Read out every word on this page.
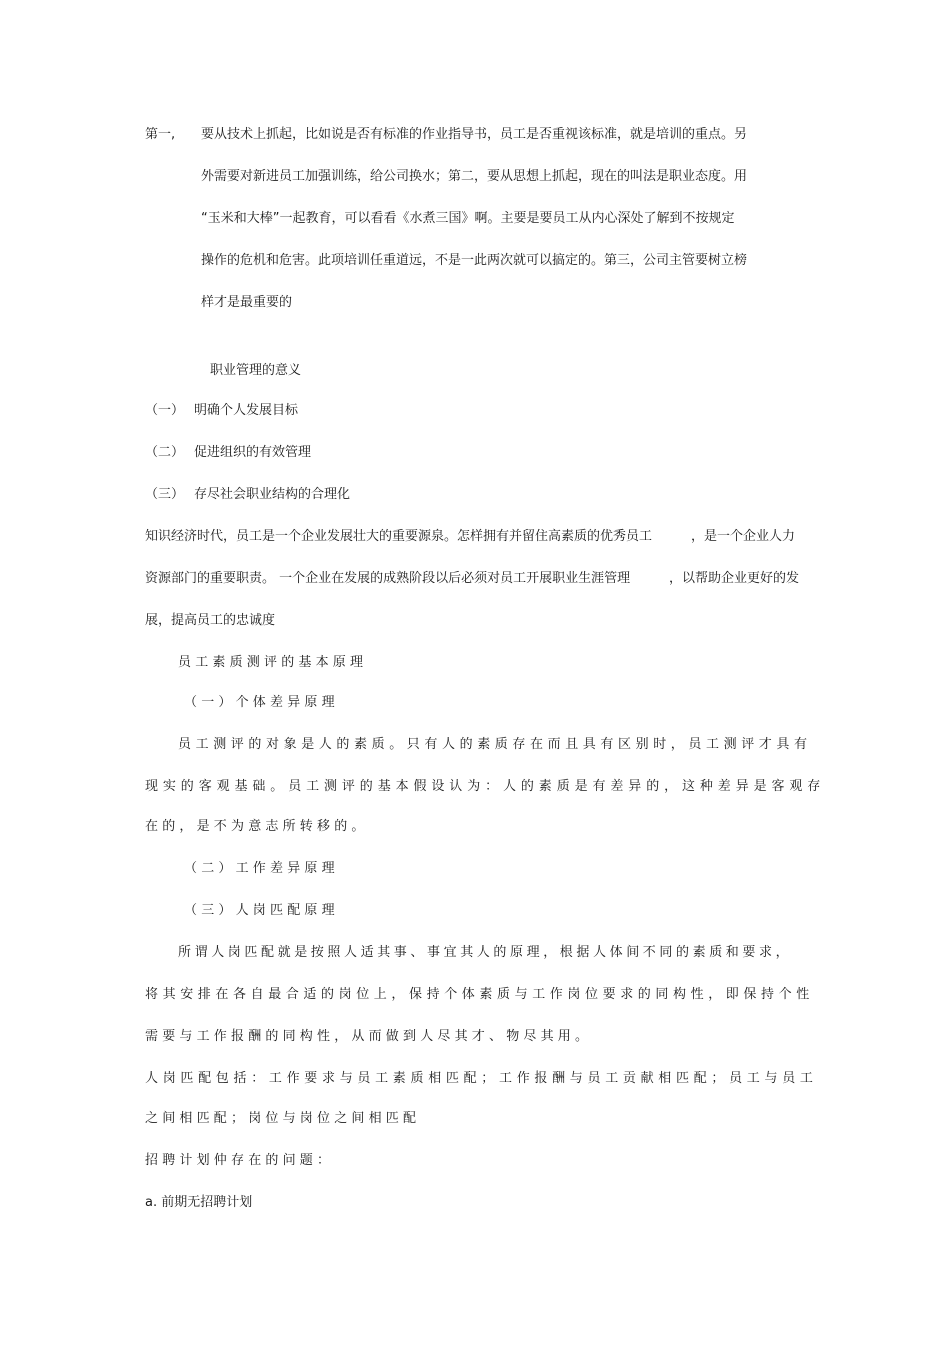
第一, 要从技术上抓起，比如说是否有标准的作业指导书，员工是否重视该标准，就是培训的重点。另
外需要对新进员工加强训练，给公司换水；第二，要从思想上抓起，现在的叫法是职业态度。用
“玉米和大棒”一起教育，可以看看《水煮三国》啊。主要是要员工从内心深处了解到不按规定
操作的危机和危害。此项培训任重道远，不是一此两次就可以搞定的。第三，公司主管要树立榜
样才是最重要的
职业管理的意义
（一） 明确个人发展目标
（二） 促进组织的有效管理
（三） 存尽社会职业结构的合理化
知识经济时代，员工是一个企业发展壮大的重要源泉。怎样拥有并留住高素质的优秀员工	，是一个企业人力
资源部门的重要职责。 一个企业在发展的成熟阶段以后必须对员工开展职业生涯管理	，以帮助企业更好的发
展，提高员工的忠诚度
员工素质测评的基本原理
（一）个体差异原理
员工测评的对象是人的素质。只有人的素质存在而且具有区别时，员工测评才具有
现实的客观基础。员工测评的基本假设认为：人的素质是有差异的，这种差异是客观存
在的，是不为意志所转移的。
（二）工作差异原理
（三）人岗匹配原理
所谓人岗匹配就是按照人适其事、事宜其人的原理，根据人体间不同的素质和要求，
将其安排在各自最合适的岗位上，保持个体素质与工作岗位要求的同构性，即保持个性
需要与工作报酬的同构性，从而做到人尽其才、物尽其用。
人岗匹配包括：工作要求与员工素质相匹配；工作报酬与员工贡献相匹配；员工与员工
之间相匹配；岗位与岗位之间相匹配
招聘计划仲存在的问题：
a. 前期无招聘计划
